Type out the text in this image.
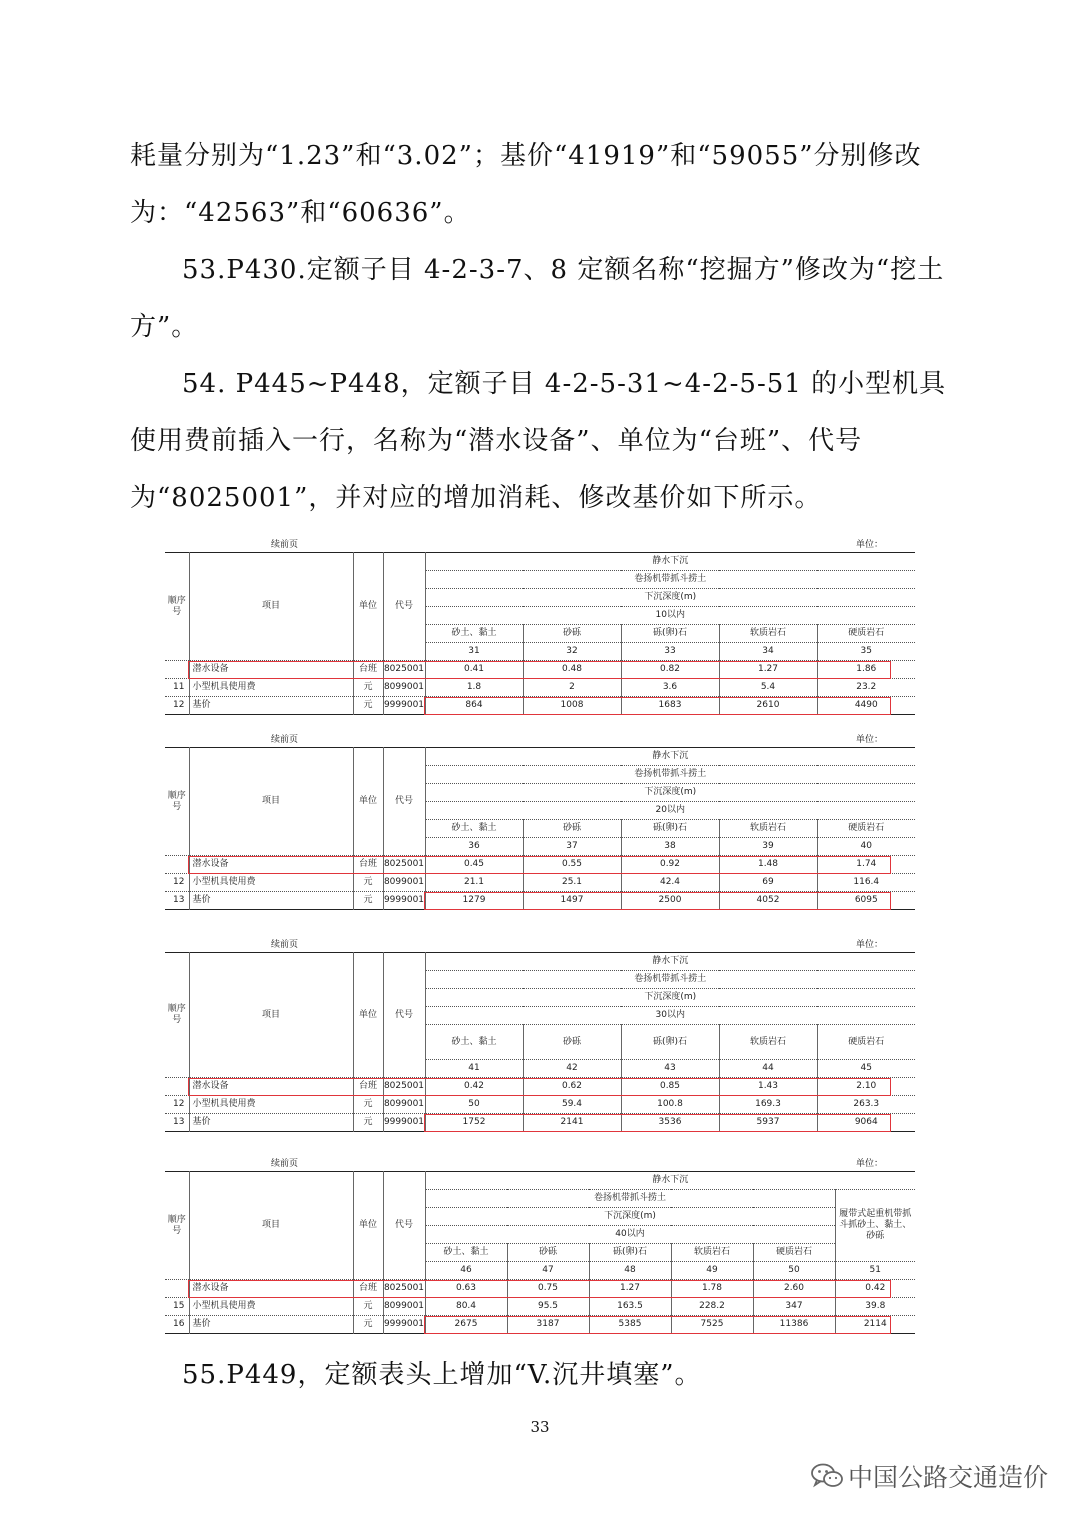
耗量分别为“1.23”和“3.02”；基价“41919”和“59055”分别修改为：“42563”和“60636”。

53.P430.定额子目 4-2-3-7、8 定额名称“挖掘方”修改为“挖土方”。

54. P445~P448，定额子目 4-2-5-31~4-2-5-51 的小型机具使用费前插入一行，名称为“潜水设备”、单位为“台班”、代号为“8025001”，并对应的增加消耗、修改基价如下所示。

续前页	单位：
顺序号	项目	单位	代号	静水下沉				
				卷扬机带抓斗捞土				
				下沉深度(m)				
				10以内				
				砂土、黏土	砂砾	砾(卵)石	软质岩石	硬质岩石
				31	32	33	34	35
	潜水设备	台班	8025001	0.41	0.48	0.82	1.27	1.86
11	小型机具使用费	元	8099001	1.8	2	3.6	5.4	23.2
12	基价	元	9999001	864	1008	1683	2610	4490
续前页	单位：
顺序号	项目	单位	代号	静水下沉				
				卷扬机带抓斗捞土				
				下沉深度(m)				
				20以内				
				砂土、黏土	砂砾	砾(卵)石	软质岩石	硬质岩石
				36	37	38	39	40
	潜水设备	台班	8025001	0.45	0.55	0.92	1.48	1.74
12	小型机具使用费	元	8099001	21.1	25.1	42.4	69	116.4
13	基价	元	9999001	1279	1497	2500	4052	6095
续前页	单位：
顺序号	项目	单位	代号	静水下沉				
				卷扬机带抓斗捞土				
				下沉深度(m)				
				30以内				
				砂土、黏土	砂砾	砾(卵)石	软质岩石	硬质岩石
				41	42	43	44	45
	潜水设备	台班	8025001	0.42	0.62	0.85	1.43	2.10
12	小型机具使用费	元	8099001	50	59.4	100.8	169.3	263.3
13	基价	元	9999001	1752	2141	3536	5937	9064
续前页	单位：
顺序号	项目	单位	代号	静水下沉					
				卷扬机带抓斗捞土					履带式起重机带抓斗抓砂土、黏土、砂砾
				下沉深度(m)					
				40以内					
				砂土、黏土	砂砾	砾(卵)石	软质岩石	硬质岩石	
				46	47	48	49	50	51
	潜水设备	台班	8025001	0.63	0.75	1.27	1.78	2.60	0.42
15	小型机具使用费	元	8099001	80.4	95.5	163.5	228.2	347	39.8
16	基价	元	9999001	2675	3187	5385	7525	11386	2114

55.P449，定额表头上增加“V.沉井填塞”。

33
中国公路交通造价
